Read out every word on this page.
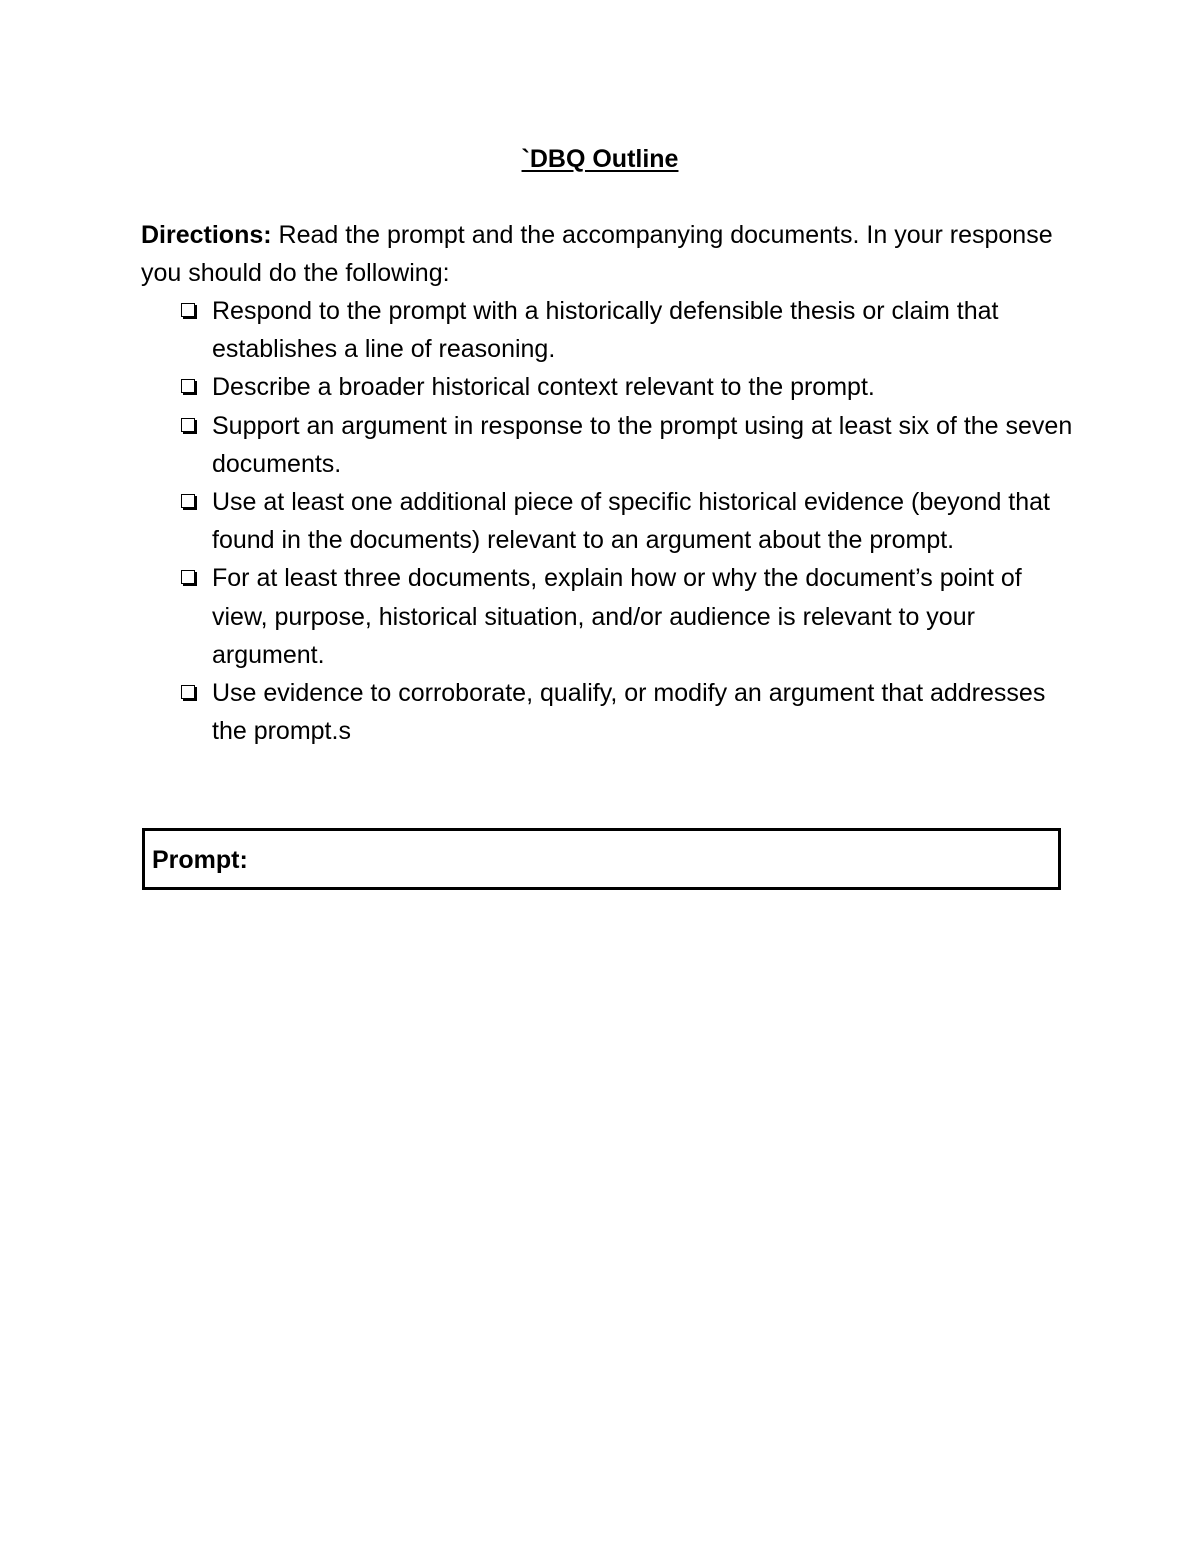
`DBQ Outline

Directions: Read the prompt and the accompanying documents. In your response you should do the following:

Respond to the prompt with a historically defensible thesis or claim that establishes a line of reasoning.
Describe a broader historical context relevant to the prompt.
Support an argument in response to the prompt using at least six of the seven documents.
Use at least one additional piece of specific historical evidence (beyond that found in the documents) relevant to an argument about the prompt.
For at least three documents, explain how or why the document’s point of view, purpose, historical situation, and/or audience is relevant to your argument.
Use evidence to corroborate, qualify, or modify an argument that addresses the prompt.s
Prompt:
